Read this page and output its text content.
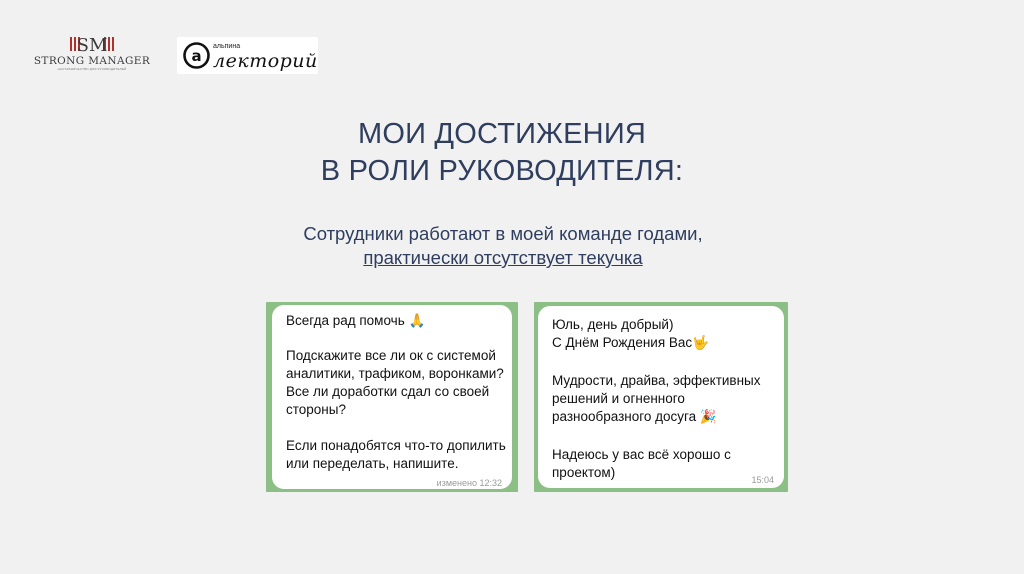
SM
STRONG MANAGER
НАСТАВНИЧЕСТВО ДЛЯ РУКОВОДИТЕЛЕЙ
a
альпина
лекторий
МОИ ДОСТИЖЕНИЯ
В РОЛИ РУКОВОДИТЕЛЯ:
Сотрудники работают в моей команде годами,
практически отсутствует текучка
Всегда рад помочь 🙏
Подскажите все ли ок с системой
аналитики, трафиком, воронками?
Все ли доработки сдал со своей
стороны?
Если понадобятся что-то допилить
или переделать, напишите.
изменено 12:32
Юль, день добрый)
С Днём Рождения Вас🤟
Мудрости, драйва, эффективных
решений и огненного
разнообразного досуга 🎉
Надеюсь у вас всё хорошо с
проектом)	15:04
